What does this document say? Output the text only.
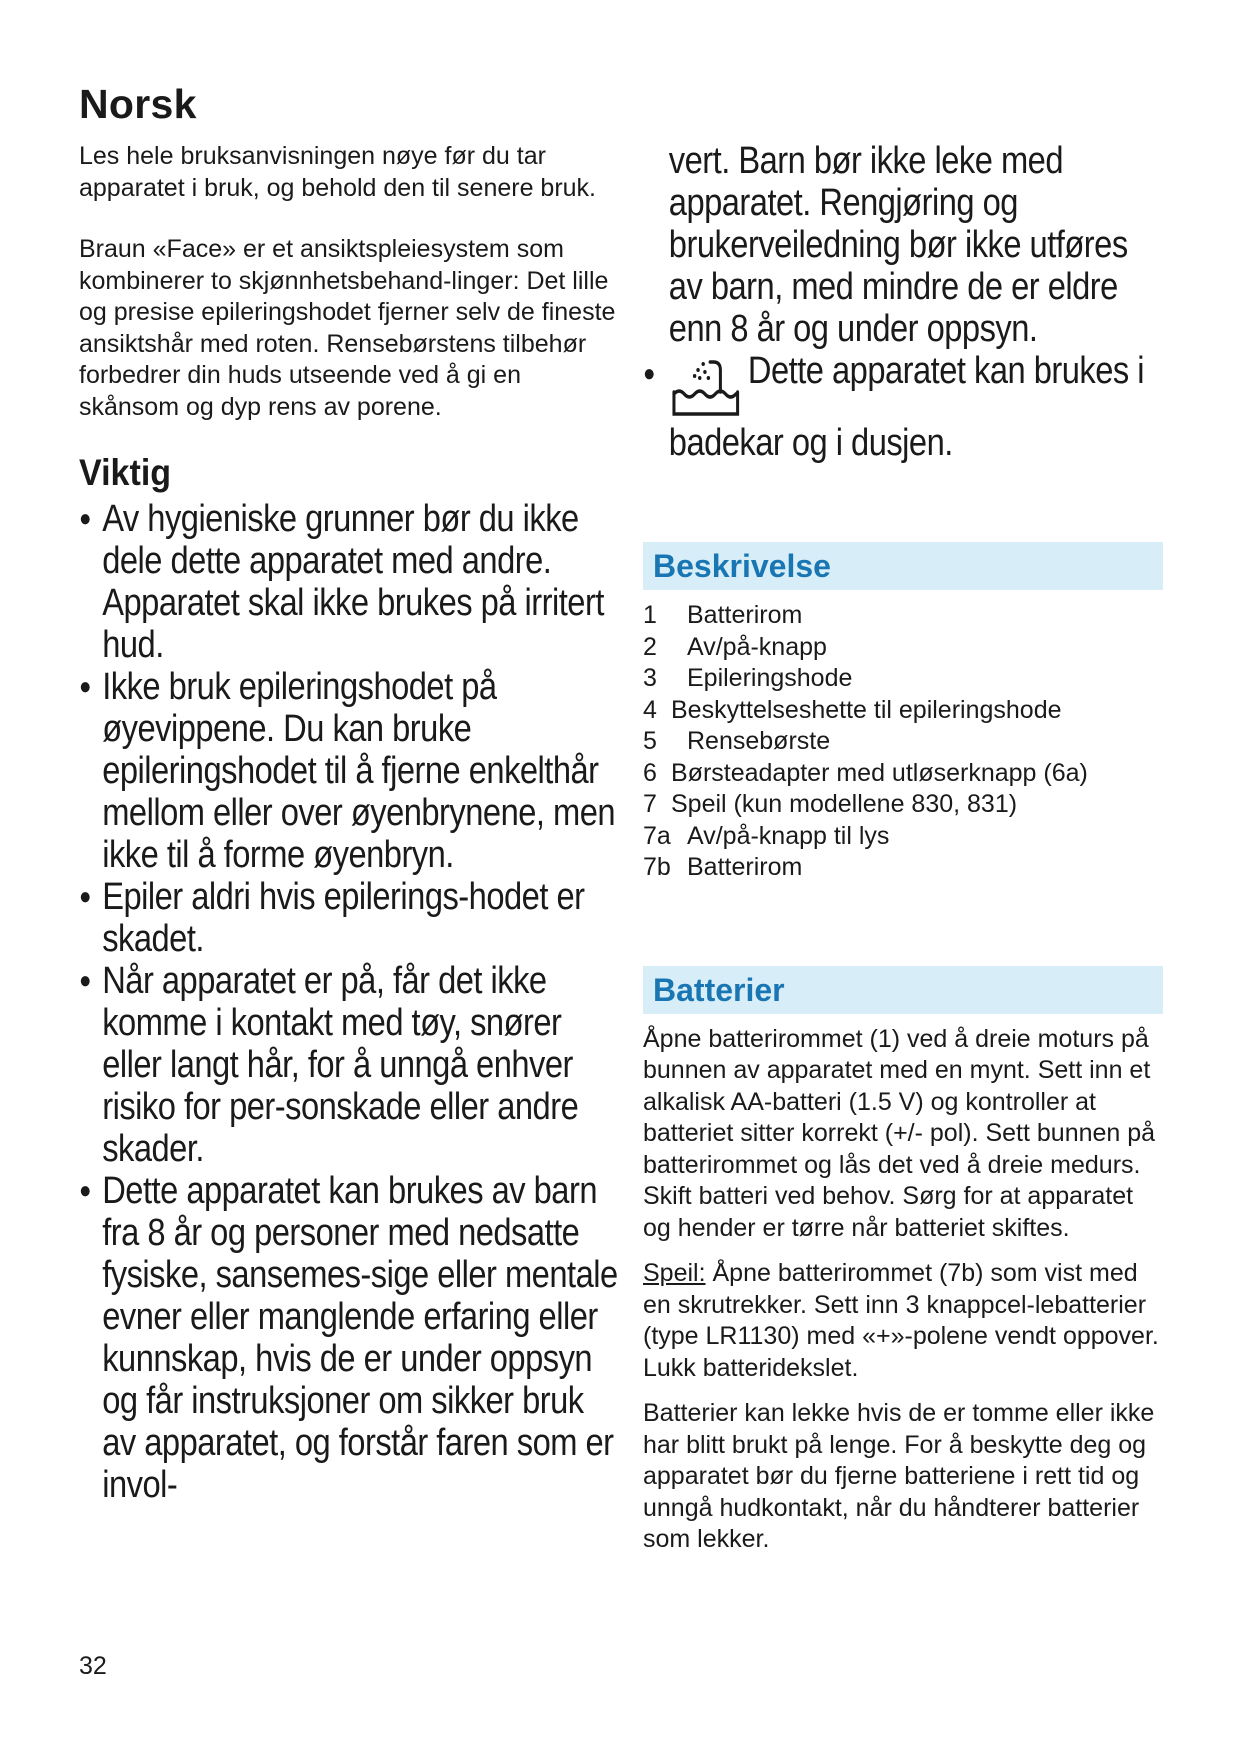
Norsk

Les hele bruksanvisningen nøye før du tar apparatet i bruk, og behold den til senere bruk.

Braun «Face» er et ansiktspleiesystem som kombinerer to skjønnhetsbehand-linger: Det lille og presise epileringshodet fjerner selv de fineste ansiktshår med roten. Rensebørstens tilbehør forbedrer din huds utseende ved å gi en skånsom og dyp rens av porene.

Viktig
● Av hygieniske grunner bør du ikke dele dette apparatet med andre. Apparatet skal ikke brukes på irritert hud.
● Ikke bruk epileringshodet på øyevippene. Du kan bruke epileringshodet til å fjerne enkelthår mellom eller over øyenbrynene, men ikke til å forme øyenbryn.
● Epiler aldri hvis epilerings-hodet er skadet.
● Når apparatet er på, får det ikke komme i kontakt med tøy, snører eller langt hår, for å unngå enhver risiko for per-sonskade eller andre skader.
● Dette apparatet kan brukes av barn fra 8 år og personer med nedsatte fysiske, sansemes-sige eller mentale evner eller manglende erfaring eller kunnskap, hvis de er under oppsyn og får instruksjoner om sikker bruk av apparatet, og forstår faren som er invol-
32
vert. Barn bør ikke leke med apparatet. Rengjøring og brukerveiledning bør ikke utføres av barn, med mindre de er eldre enn 8 år og under oppsyn.
● Dette apparatet kan brukes i badekar og i dusjen.
Beskrivelse
1	Batterirom
2	Av/på-knapp
3	Epileringshode
4 Beskyttelseshette til epileringshode
5	Rensebørste
6 Børsteadapter med utløserknapp (6a)
7 Speil (kun modellene 830, 831)
7a Av/på-knapp til lys
7b Batterirom
Batterier

Åpne batterirommet (1) ved å dreie moturs på bunnen av apparatet med en mynt. Sett inn et alkalisk AA-batteri (1.5 V) og kontroller at batteriet sitter korrekt (+/- pol). Sett bunnen på batterirommet og lås det ved å dreie medurs. Skift batteri ved behov. Sørg for at apparatet og hender er tørre når batteriet skiftes.

Speil: Åpne batterirommet (7b) som vist med en skrutrekker. Sett inn 3 knappcel-lebatterier (type LR1130) med «+»-polene vendt oppover. Lukk batteridekslet.

Batterier kan lekke hvis de er tomme eller ikke har blitt brukt på lenge. For å beskytte deg og apparatet bør du fjerne batteriene i rett tid og unngå hudkontakt, når du håndterer batterier som lekker.
